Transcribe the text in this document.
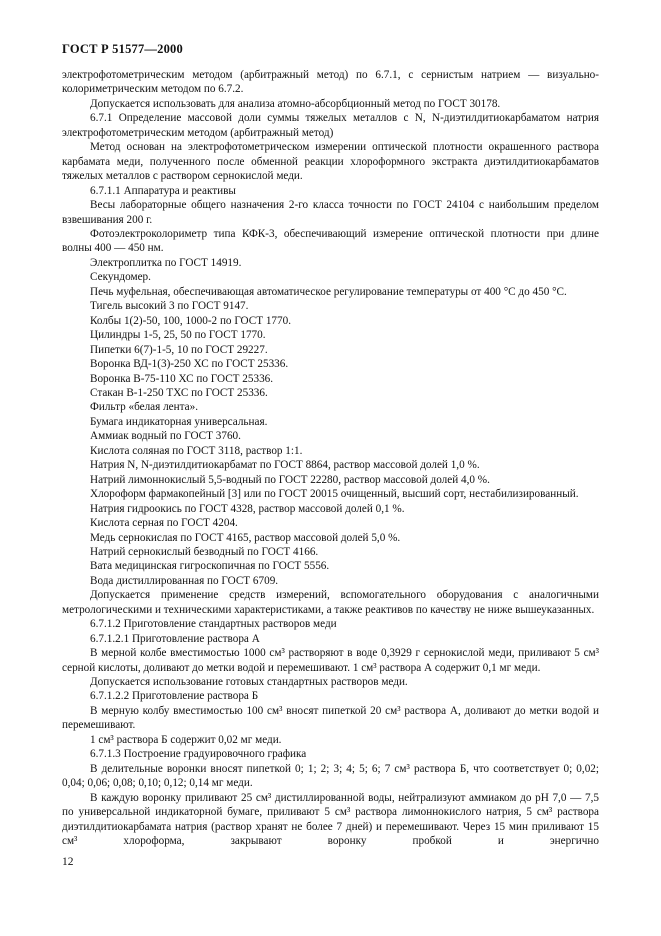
ГОСТ Р 51577—2000

электрофотометрическим методом (арбитражный метод) по 6.7.1, с сернистым натрием — визуально-колориметрическим методом по 6.7.2.

Допускается использовать для анализа атомно-абсорбционный метод по ГОСТ 30178.

6.7.1 Определение массовой доли суммы тяжелых металлов с N, N-диэтилдитиокарбаматом натрия электрофотометрическим методом (арбитражный метод)

Метод основан на электрофотометрическом измерении оптической плотности окрашенного раствора карбамата меди, полученного после обменной реакции хлороформного экстракта диэтилдитиокарбаматов тяжелых металлов с раствором сернокислой меди.

6.7.1.1 Аппаратура и реактивы

Весы лабораторные общего назначения 2-го класса точности по ГОСТ 24104 с наибольшим пределом взвешивания 200 г.

Фотоэлектроколориметр типа КФК-3, обеспечивающий измерение оптической плотности при длине волны 400 — 450 нм.

Электроплитка по ГОСТ 14919.

Секундомер.

Печь муфельная, обеспечивающая автоматическое регулирование температуры от 400 °С до 450 °С.

Тигель высокий 3 по ГОСТ 9147.

Колбы 1(2)-50, 100, 1000-2 по ГОСТ 1770.

Цилиндры 1-5, 25, 50 по ГОСТ 1770.

Пипетки 6(7)-1-5, 10 по ГОСТ 29227.

Воронка ВД-1(3)-250 ХС по ГОСТ 25336.

Воронка В-75-110 ХС по ГОСТ 25336.

Стакан В-1-250 ТХС по ГОСТ 25336.

Фильтр «белая лента».

Бумага индикаторная универсальная.

Аммиак водный по ГОСТ 3760.

Кислота соляная по ГОСТ 3118, раствор 1:1.

Натрия N, N-диэтилдитиокарбамат по ГОСТ 8864, раствор массовой долей 1,0 %.

Натрий лимоннокислый 5,5-водный по ГОСТ 22280, раствор массовой долей 4,0 %.

Хлороформ фармакопейный [3] или по ГОСТ 20015 очищенный, высший сорт, нестабилизированный.

Натрия гидроокись по ГОСТ 4328, раствор массовой долей 0,1 %.

Кислота серная по ГОСТ 4204.

Медь сернокислая по ГОСТ 4165, раствор массовой долей 5,0 %.

Натрий сернокислый безводный по ГОСТ 4166.

Вата медицинская гигроскопичная по ГОСТ 5556.

Вода дистиллированная по ГОСТ 6709.

Допускается применение средств измерений, вспомогательного оборудования с аналогичными метрологическими и техническими характеристиками, а также реактивов по качеству не ниже вышеуказанных.

6.7.1.2 Приготовление стандартных растворов меди

6.7.1.2.1 Приготовление раствора А

В мерной колбе вместимостью 1000 см³ растворяют в воде 0,3929 г сернокислой меди, приливают 5 см³ серной кислоты, доливают до метки водой и перемешивают. 1 см³ раствора А содержит 0,1 мг меди.

Допускается использование готовых стандартных растворов меди.

6.7.1.2.2 Приготовление раствора Б

В мерную колбу вместимостью 100 см³ вносят пипеткой 20 см³ раствора А, доливают до метки водой и перемешивают.

1 см³ раствора Б содержит 0,02 мг меди.

6.7.1.3 Построение градуировочного графика

В делительные воронки вносят пипеткой 0; 1; 2; 3; 4; 5; 6; 7 см³ раствора Б, что соответствует 0; 0,02; 0,04; 0,06; 0,08; 0,10; 0,12; 0,14 мг меди.

В каждую воронку приливают 25 см³ дистиллированной воды, нейтрализуют аммиаком до pH 7,0 — 7,5 по универсальной индикаторной бумаге, приливают 5 см³ раствора лимоннокислого натрия, 5 см³ раствора диэтилдитиокарбамата натрия (раствор хранят не более 7 дней) и перемешивают. Через 15 мин приливают 15 см³ хлороформа, закрывают воронку пробкой и энергично

12
